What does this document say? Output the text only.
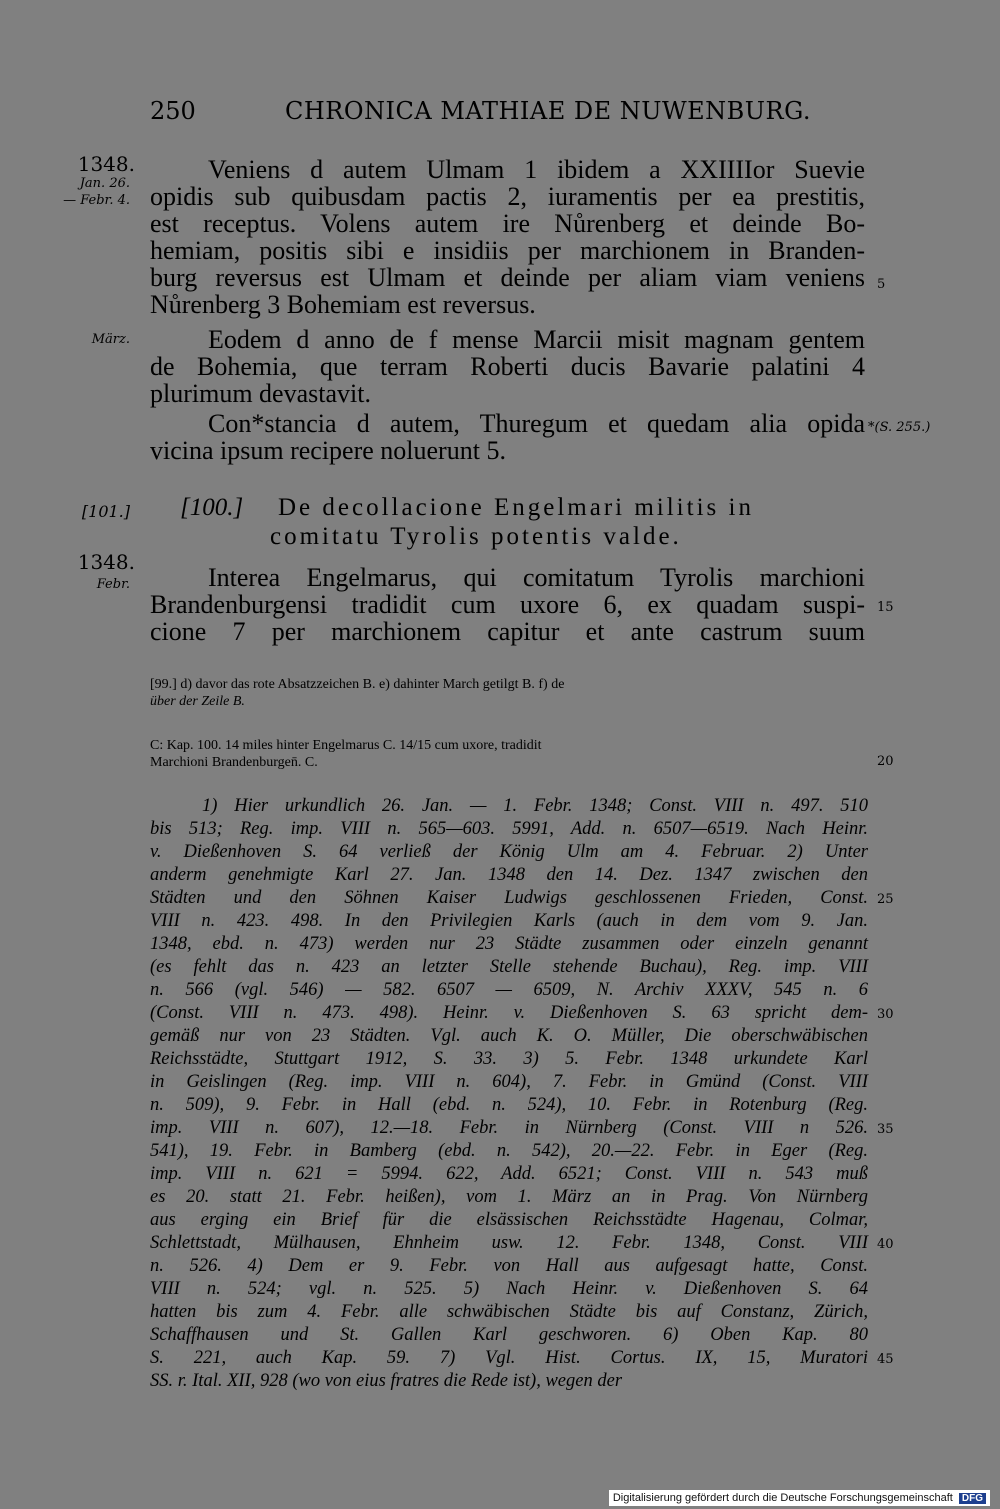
250	CHRONICA MATHIAE DE NUWENBURG.
1348.
Jan. 26.
— Febr. 4.
März.
[101.]
1348.
Febr.
5
*(S. 255.)
15
20
25
30
35
40
45
Veniens d autem Ulmam 1 ibidem a XXIIIIor Suevie
opidis sub quibusdam pactis 2, iuramentis per ea prestitis,
est receptus. Volens autem ire Nůrenberg et deinde Bo-
hemiam, positis sibi e insidiis per marchionem in Branden-
burg reversus est Ulmam et deinde per aliam viam veniens
Nůrenberg 3 Bohemiam est reversus.
Eodem d anno de f mense Marcii misit magnam gentem
de Bohemia, que terram Roberti ducis Bavarie palatini 4
plurimum devastavit.
Con*stancia d autem, Thuregum et quedam alia opida
vicina ipsum recipere noluerunt 5.
[100.] De decollacione Engelmari militis in
comitatu Tyrolis potentis valde.
Interea Engelmarus, qui comitatum Tyrolis marchioni
Brandenburgensi tradidit cum uxore 6, ex quadam suspi-
cione 7 per marchionem capitur et ante castrum suum
[99.] d) davor das rote Absatzzeichen B. e) dahinter March getilgt B. f) de
über der Zeile B.
C: Kap. 100. 14 miles hinter Engelmarus C. 14/15 cum uxore, tradidit
Marchioni Brandenburgen̄. C.
1) Hier urkundlich 26. Jan. — 1. Febr. 1348; Const. VIII n. 497. 510
bis 513; Reg. imp. VIII n. 565—603. 5991, Add. n. 6507—6519. Nach Heinr.
v. Dießenhoven S. 64 verließ der König Ulm am 4. Februar. 2) Unter
anderm genehmigte Karl 27. Jan. 1348 den 14. Dez. 1347 zwischen den
Städten und den Söhnen Kaiser Ludwigs geschlossenen Frieden, Const.
VIII n. 423. 498. In den Privilegien Karls (auch in dem vom 9. Jan.
1348, ebd. n. 473) werden nur 23 Städte zusammen oder einzeln genannt
(es fehlt das n. 423 an letzter Stelle stehende Buchau), Reg. imp. VIII
n. 566 (vgl. 546) — 582. 6507 — 6509, N. Archiv XXXV, 545 n. 6
(Const. VIII n. 473. 498). Heinr. v. Dießenhoven S. 63 spricht dem-
gemäß nur von 23 Städten. Vgl. auch K. O. Müller, Die oberschwäbischen
Reichsstädte, Stuttgart 1912, S. 33. 3) 5. Febr. 1348 urkundete Karl
in Geislingen (Reg. imp. VIII n. 604), 7. Febr. in Gmünd (Const. VIII
n. 509), 9. Febr. in Hall (ebd. n. 524), 10. Febr. in Rotenburg (Reg.
imp. VIII n. 607), 12.—18. Febr. in Nürnberg (Const. VIII n 526.
541), 19. Febr. in Bamberg (ebd. n. 542), 20.—22. Febr. in Eger (Reg.
imp. VIII n. 621 = 5994. 622, Add. 6521; Const. VIII n. 543 muß
es 20. statt 21. Febr. heißen), vom 1. März an in Prag. Von Nürnberg
aus erging ein Brief für die elsässischen Reichsstädte Hagenau, Colmar,
Schlettstadt, Mülhausen, Ehnheim usw. 12. Febr. 1348, Const. VIII
n. 526. 4) Dem er 9. Febr. von Hall aus aufgesagt hatte, Const.
VIII n. 524; vgl. n. 525. 5) Nach Heinr. v. Dießenhoven S. 64
hatten bis zum 4. Febr. alle schwäbischen Städte bis auf Constanz, Zürich,
Schaffhausen und St. Gallen Karl geschworen. 6) Oben Kap. 80
S. 221, auch Kap. 59. 7) Vgl. Hist. Cortus. IX, 15, Muratori
SS. r. Ital. XII, 928 (wo von eius fratres die Rede ist), wegen der
Digitalisierung gefördert durch die Deutsche Forschungsgemeinschaft DFG
